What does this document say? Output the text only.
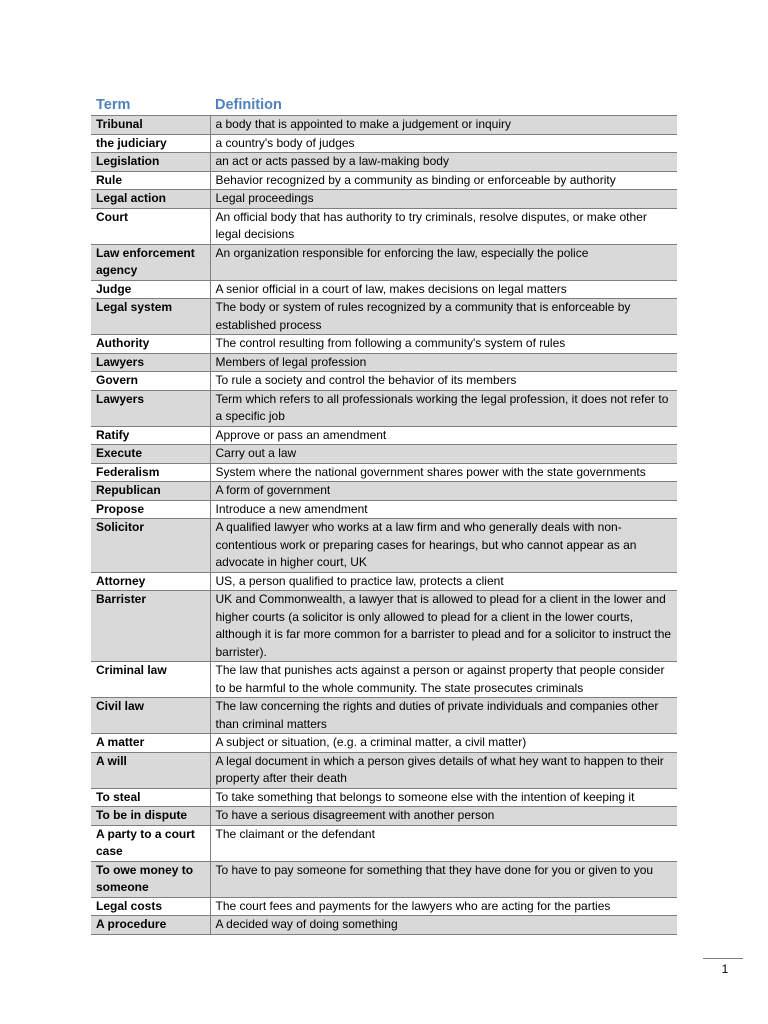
Term	Definition
Tribunal	a body that is appointed to make a judgement or inquiry
the judiciary	a country's body of judges
Legislation	an act or acts passed by a law-making body
Rule	Behavior recognized by a community as binding or enforceable by authority
Legal action	Legal proceedings
Court	An official body that has authority to try criminals, resolve disputes, or make other legal decisions
Law enforcement agency	An organization responsible for enforcing the law, especially the police
Judge	A senior official in a court of law, makes decisions on legal matters
Legal system	The body or system of rules recognized by a community that is enforceable by established process
Authority	The control resulting from following a community's system of rules
Lawyers	Members of legal profession
Govern	To rule a society and control the behavior of its members
Lawyers	Term which refers to all professionals working the legal profession, it does not refer to a specific job
Ratify	Approve or pass an amendment
Execute	Carry out a law
Federalism	System where the national government shares power with the state governments
Republican	A form of government
Propose	Introduce a new amendment
Solicitor	A qualified lawyer who works at a law firm and who generally deals with non-contentious work or preparing cases for hearings, but who cannot appear as an advocate in higher court, UK
Attorney	US, a person qualified to practice law, protects a client
Barrister	UK and Commonwealth, a lawyer that is allowed to plead for a client in the lower and higher courts (a solicitor is only allowed to plead for a client in the lower courts, although it is far more common for a barrister to plead and for a solicitor to instruct the barrister).
Criminal law	The law that punishes acts against a person or against property that people consider to be harmful to the whole community. The state prosecutes criminals
Civil law	The law concerning the rights and duties of private individuals and companies other than criminal matters
A matter	A subject or situation, (e.g. a criminal matter, a civil matter)
A will	A legal document in which a person gives details of what hey want to happen to their property after their death
To steal	To take something that belongs to someone else with the intention of keeping it
To be in dispute	To have a serious disagreement with another person
A party to a court case	The claimant or the defendant
To owe money to someone	To have to pay someone for something that they have done for you or given to you
Legal costs	The court fees and payments for the lawyers who are acting for the parties
A procedure	A decided way of doing something
1
